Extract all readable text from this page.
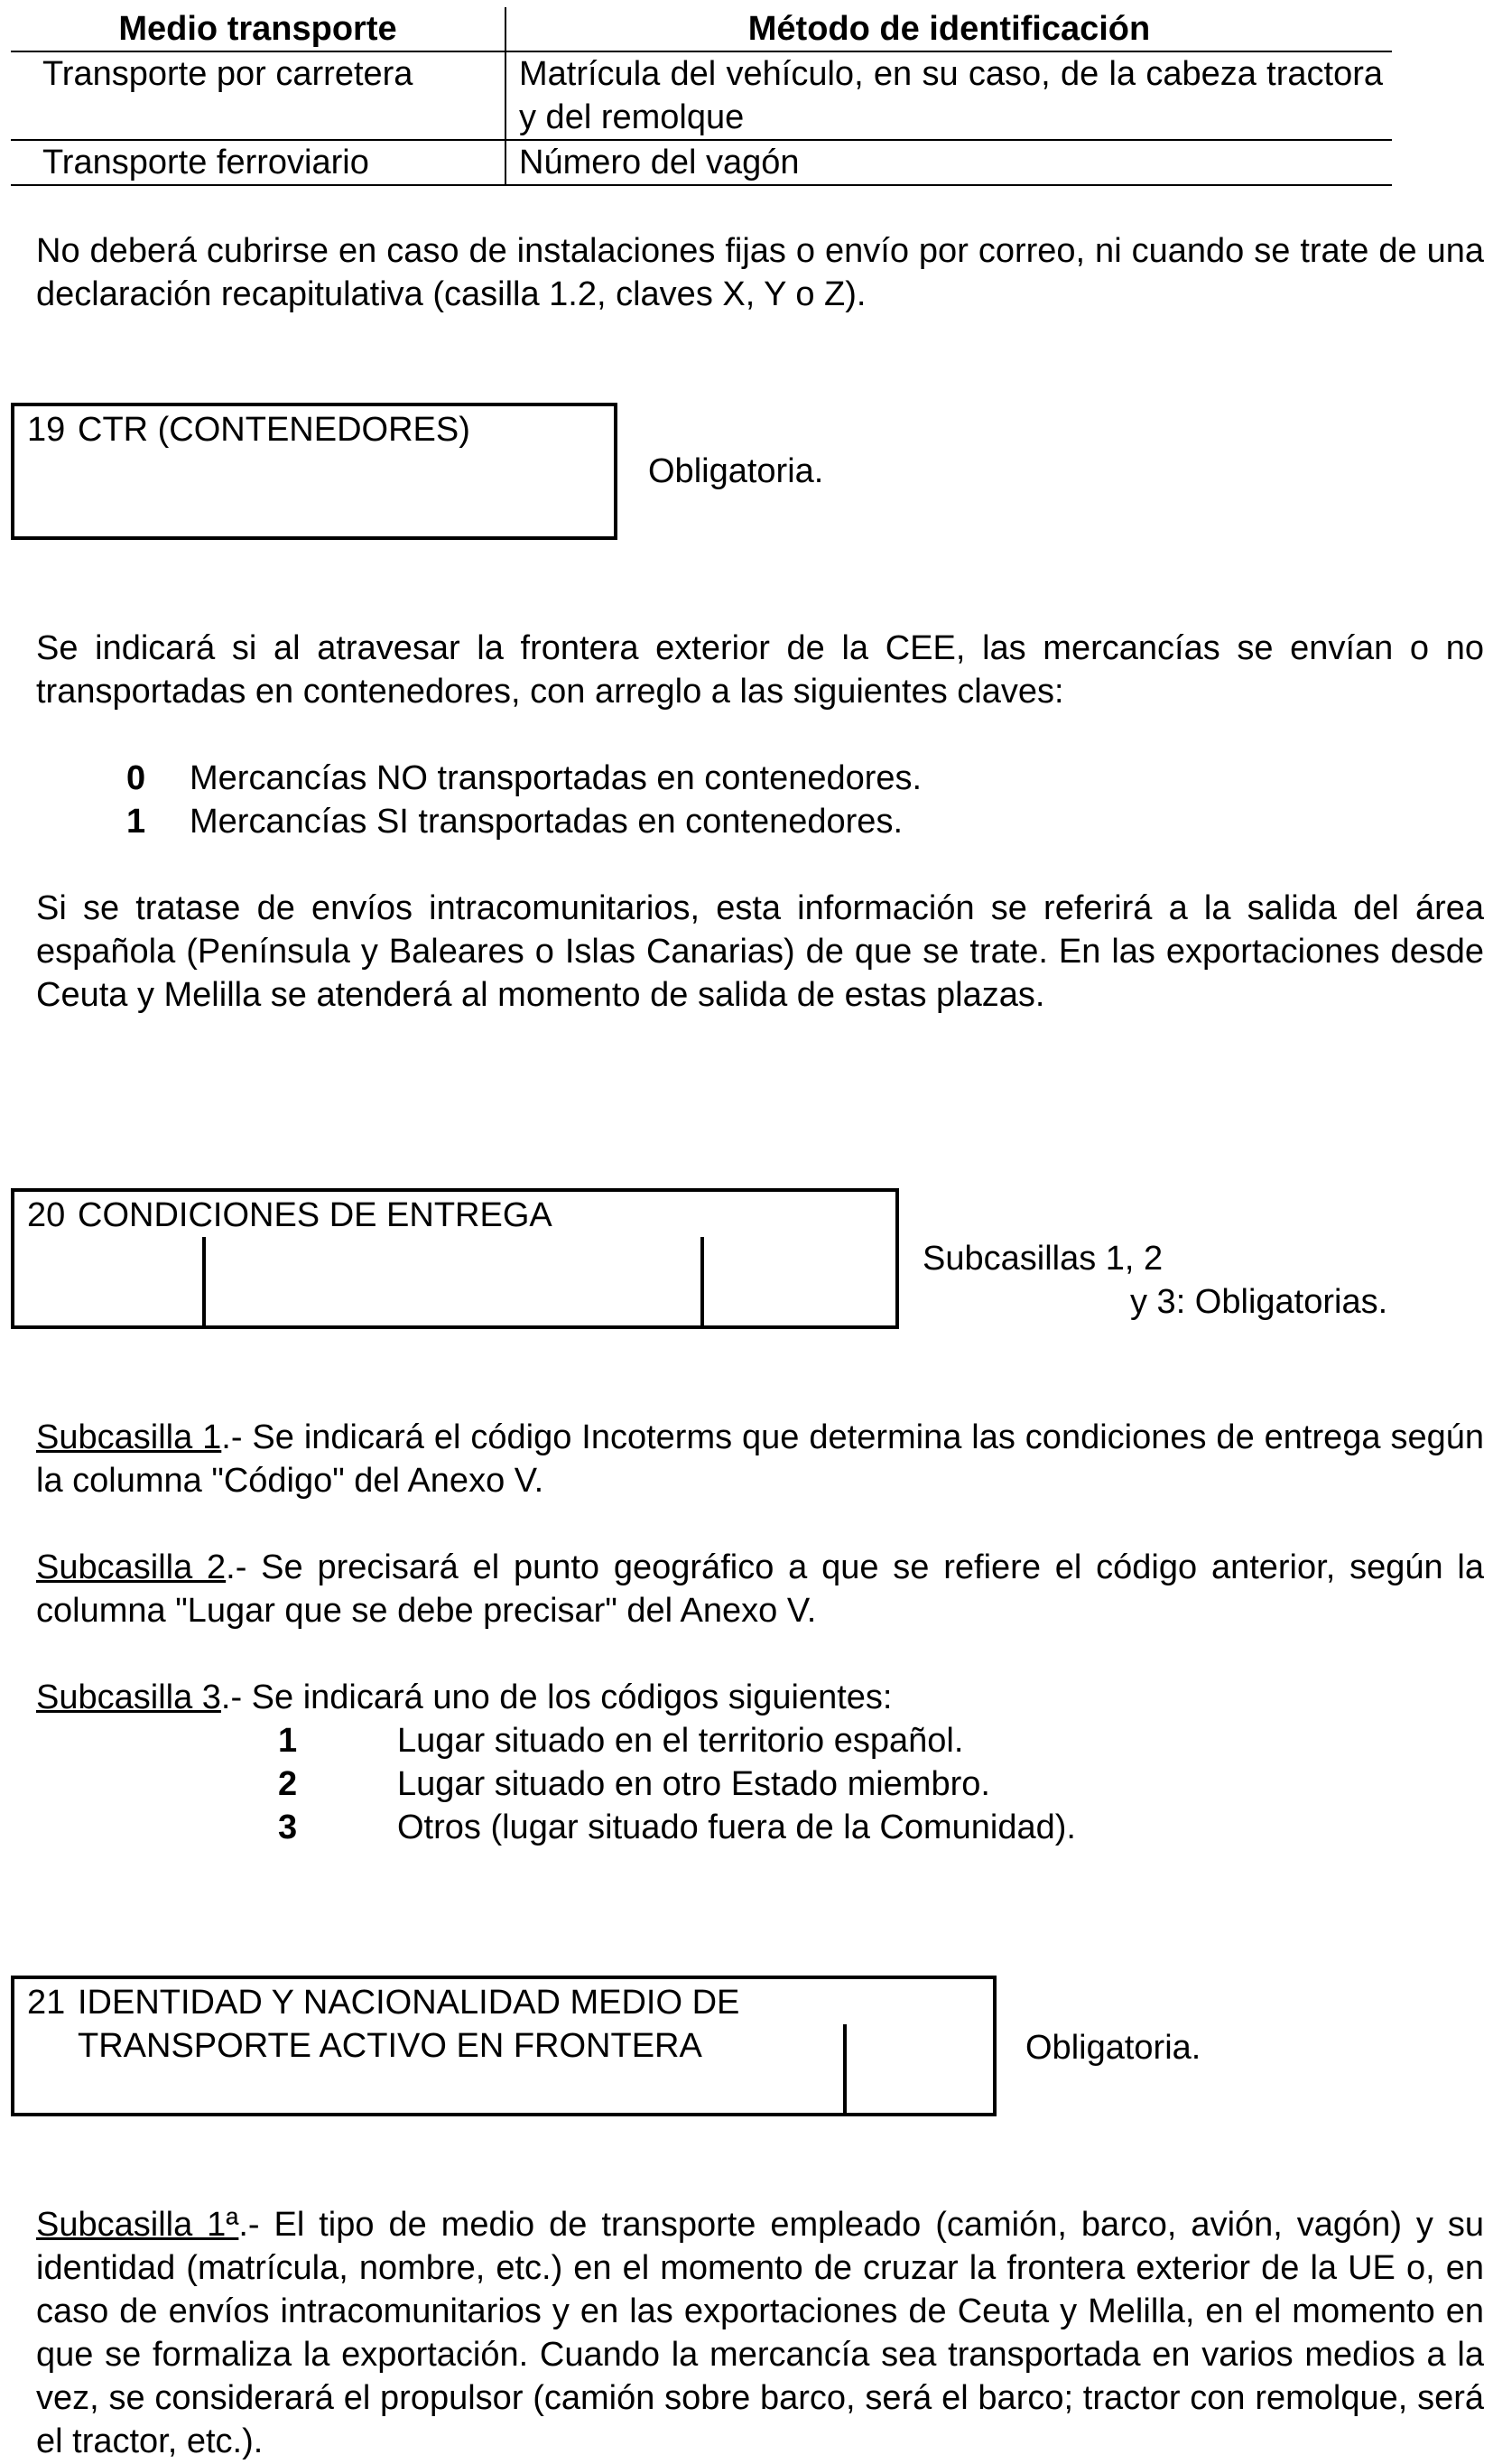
Medio transporte	Método de identificación
Transporte por carretera	Matrícula del vehículo, en su caso, de la cabeza tractora y del remolque
Transporte ferroviario	Número del vagón
No deberá cubrirse en caso de instalaciones fijas o envío por correo, ni cuando se trate de una declaración recapitulativa (casilla 1.2, claves X, Y o Z).
19 CTR (CONTENEDORES)
Obligatoria.
Se indicará si al atravesar la frontera exterior de la CEE, las mercancías se envían o no transportadas en contenedores, con arreglo a las siguientes claves:
0 Mercancías NO transportadas en contenedores.
1 Mercancías SI transportadas en contenedores.
Si se tratase de envíos intracomunitarios, esta información se referirá a la salida del área española (Península y Baleares o Islas Canarias) de que se trate. En las exportaciones desde Ceuta y Melilla se atenderá al momento de salida de estas plazas.
20 CONDICIONES DE ENTREGA
Subcasillas 1, 2
y 3: Obligatorias.
Subcasilla 1.- Se indicará el código Incoterms que determina las condiciones de entrega según la columna "Código" del Anexo V.
Subcasilla 2.- Se precisará el punto geográfico a que se refiere el código anterior, según la columna "Lugar que se debe precisar" del Anexo V.
Subcasilla 3.- Se indicará uno de los códigos siguientes:
1	Lugar situado en el territorio español.
2	Lugar situado en otro Estado miembro.
3	Otros (lugar situado fuera de la Comunidad).
21 IDENTIDAD Y NACIONALIDAD MEDIO DE
TRANSPORTE ACTIVO EN FRONTERA	Obligatoria.
Subcasilla 1ª.- El tipo de medio de transporte empleado (camión, barco, avión, vagón) y su identidad (matrícula, nombre, etc.) en el momento de cruzar la frontera exterior de la UE o, en caso de envíos intracomunitarios y en las exportaciones de Ceuta y Melilla, en el momento en que se formaliza la exportación. Cuando la mercancía sea transportada en varios medios a la vez, se considerará el propulsor (camión sobre barco, será el barco; tractor con remolque, será el tractor, etc.).
